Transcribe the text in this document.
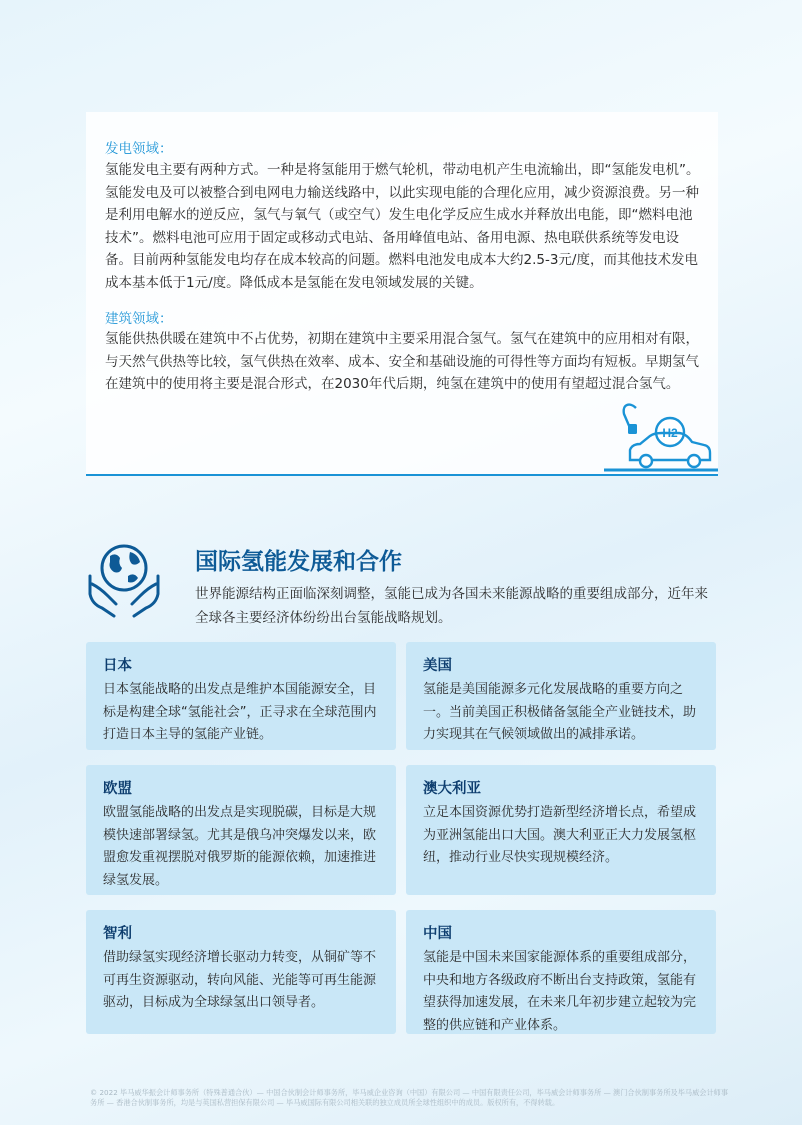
发电领域：

氢能发电主要有两种方式。一种是将氢能用于燃气轮机，带动电机产生电流输出，即“氢能发电机”。氢能发电及可以被整合到电网电力输送线路中，以此实现电能的合理化应用，减少资源浪费。另一种是利用电解水的逆反应，氢气与氧气（或空气）发生电化学反应生成水并释放出电能，即“燃料电池技术”。燃料电池可应用于固定或移动式电站、备用峰值电站、备用电源、热电联供系统等发电设备。目前两种氢能发电均存在成本较高的问题。燃料电池发电成本大约2.5-3元/度，而其他技术发电成本基本低于1元/度。降低成本是氢能在发电领域发展的关键。

建筑领域：

氢能供热供暖在建筑中不占优势，初期在建筑中主要采用混合氢气。氢气在建筑中的应用相对有限，与天然气供热等比较，氢气供热在效率、成本、安全和基础设施的可得性等方面均有短板。早期氢气在建筑中的使用将主要是混合形式，在2030年代后期，纯氢在建筑中的使用有望超过混合氢气。

H2
国际氢能发展和合作

世界能源结构正面临深刻调整，氢能已成为各国未来能源战略的重要组成部分，近年来全球各主要经济体纷纷出台氢能战略规划。

日本

日本氢能战略的出发点是维护本国能源安全，目标是构建全球“氢能社会”，正寻求在全球范围内打造日本主导的氢能产业链。

美国

氢能是美国能源多元化发展战略的重要方向之一。当前美国正积极储备氢能全产业链技术，助力实现其在气候领域做出的减排承诺。

欧盟

欧盟氢能战略的出发点是实现脱碳，目标是大规模快速部署绿氢。尤其是俄乌冲突爆发以来，欧盟愈发重视摆脱对俄罗斯的能源依赖，加速推进绿氢发展。

澳大利亚

立足本国资源优势打造新型经济增长点，希望成为亚洲氢能出口大国。澳大利亚正大力发展氢枢纽，推动行业尽快实现规模经济。

智利

借助绿氢实现经济增长驱动力转变，从铜矿等不可再生资源驱动，转向风能、光能等可再生能源驱动，目标成为全球绿氢出口领导者。

中国

氢能是中国未来国家能源体系的重要组成部分，中央和地方各级政府不断出台支持政策，氢能有望获得加速发展，在未来几年初步建立起较为完整的供应链和产业体系。

© 2022 毕马威华振会计师事务所（特殊普通合伙）— 中国合伙制会计师事务所，毕马威企业咨询（中国）有限公司 — 中国有限责任公司，毕马威会计师事务所 — 澳门合伙制事务所及毕马威会计师事务所 — 香港合伙制事务所，均是与英国私营担保有限公司 — 毕马威国际有限公司相关联的独立成员所全球性组织中的成员。版权所有，不得转载。
